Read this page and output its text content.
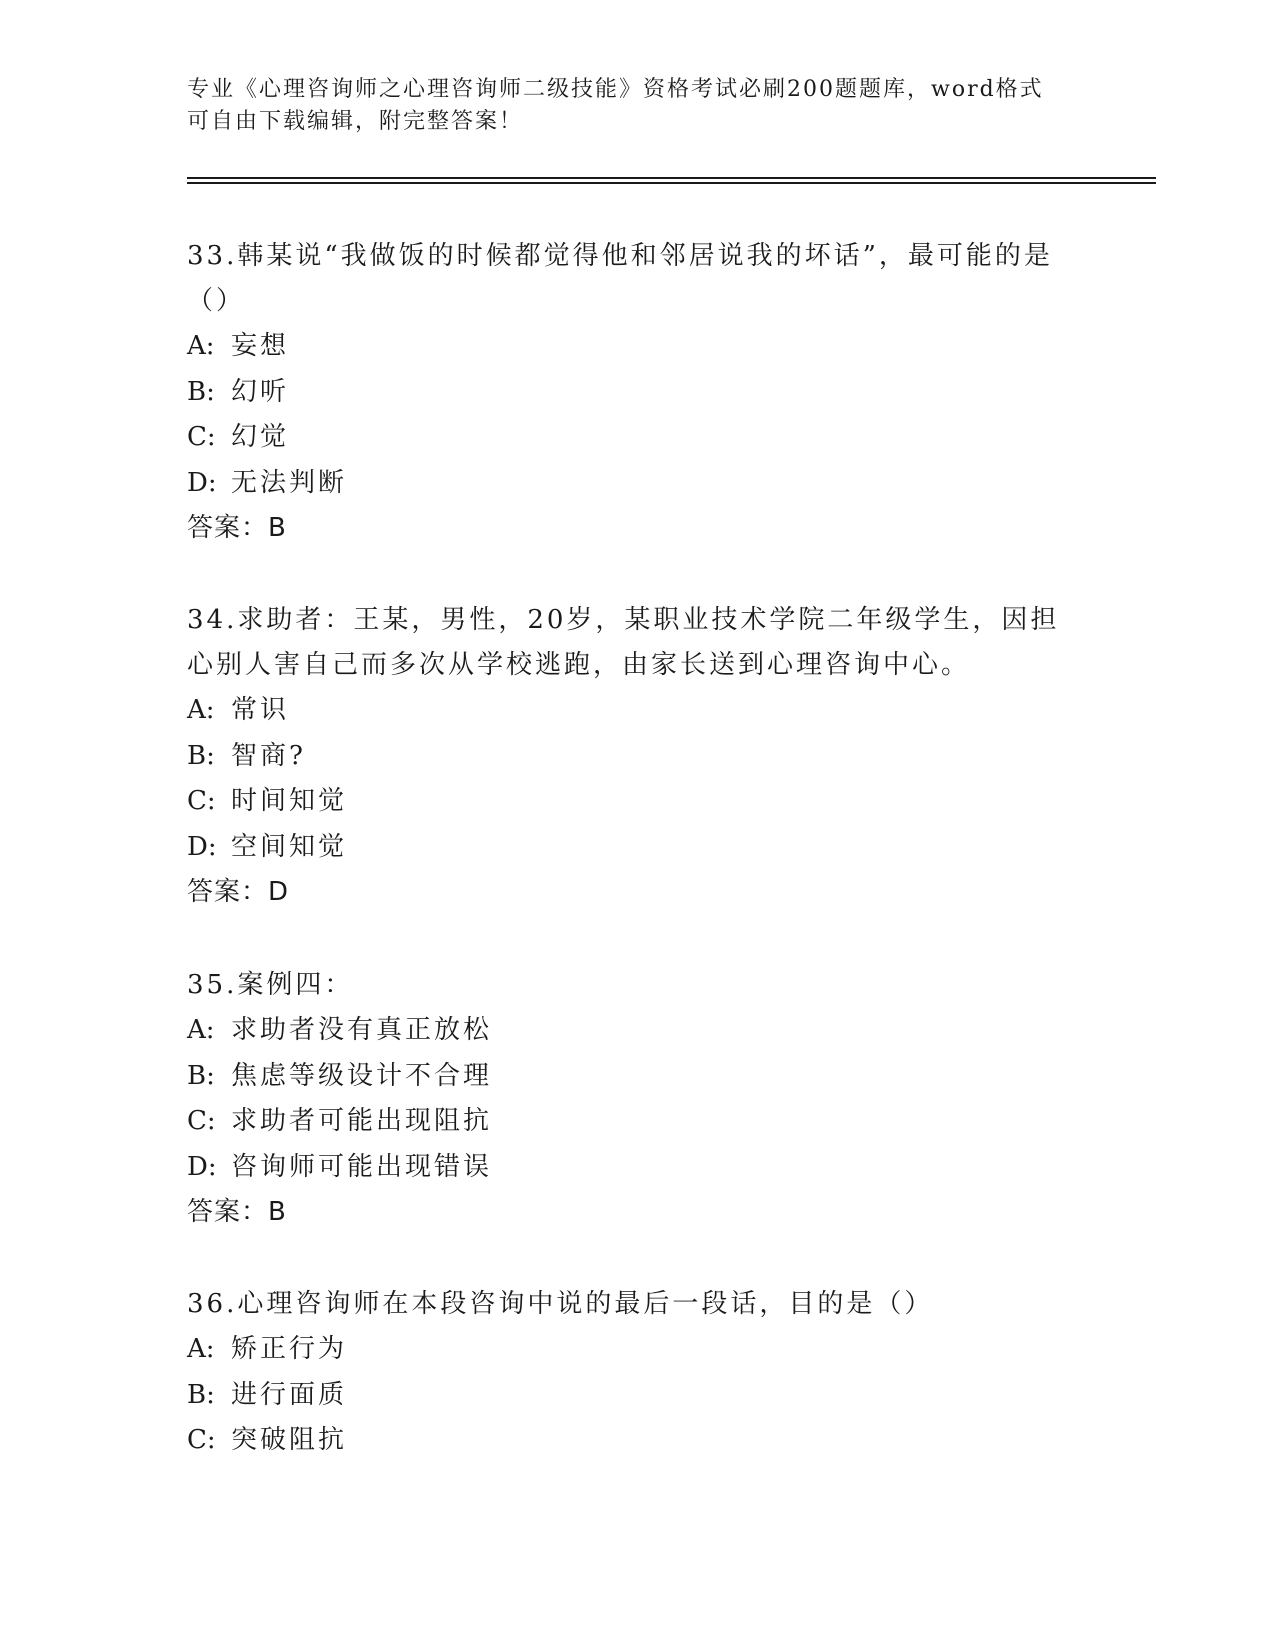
专业《心理咨询师之心理咨询师二级技能》资格考试必刷200题题库，word格式
可自由下载编辑，附完整答案！
33.韩某说“我做饭的时候都觉得他和邻居说我的坏话”，最可能的是（）
A: 妄想
B: 幻听
C: 幻觉
D: 无法判断
答案：B
34.求助者：王某，男性，20岁，某职业技术学院二年级学生，因担心别人害自己而多次从学校逃跑，由家长送到心理咨询中心。
A: 常识
B: 智商?
C: 时间知觉
D: 空间知觉
答案：D
35.案例四：
A: 求助者没有真正放松
B: 焦虑等级设计不合理
C: 求助者可能出现阻抗
D: 咨询师可能出现错误
答案：B
36.心理咨询师在本段咨询中说的最后一段话，目的是（）
A: 矫正行为
B: 进行面质
C: 突破阻抗
